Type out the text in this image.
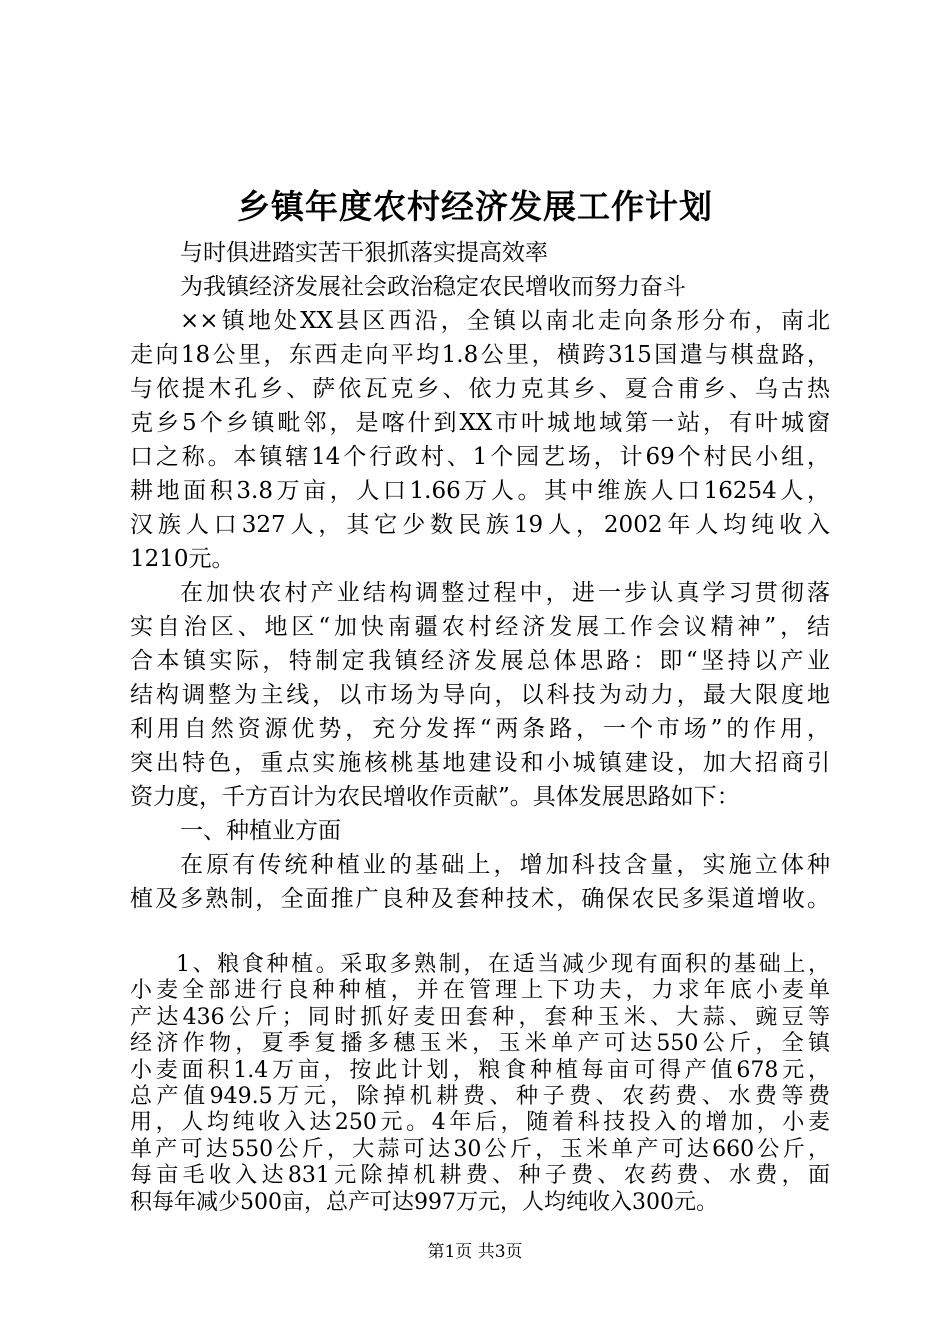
乡镇年度农村经济发展工作计划
与时俱进踏实苦干狠抓落实提高效率
为我镇经济发展社会政治稳定农民增收而努力奋斗
××镇地处XX县区西沿，全镇以南北走向条形分布，南北
走向18公里，东西走向平均1.8公里，横跨315国遣与棋盘路，
与依提木孔乡、萨依瓦克乡、依力克其乡、夏合甫乡、乌古热
克乡5个乡镇毗邻，是喀什到XX市叶城地域第一站，有叶城窗
口之称。本镇辖14个行政村、1个园艺场，计69个村民小组，
耕地面积3.8万亩，人口1.66万人。其中维族人口16254人，
汉族人口327人，其它少数民族19人，2002年人均纯收入
1210元。
在加快农村产业结构调整过程中，进一步认真学习贯彻落
实自治区、地区“加快南疆农村经济发展工作会议精神”，结
合本镇实际，特制定我镇经济发展总体思路：即“坚持以产业
结构调整为主线，以市场为导向，以科技为动力，最大限度地
利用自然资源优势，充分发挥“两条路，一个市场”的作用，
突出特色，重点实施核桃基地建设和小城镇建设，加大招商引
资力度，千方百计为农民增收作贡献”。具体发展思路如下：
一、种植业方面
在原有传统种植业的基础上，增加科技含量，实施立体种
植及多熟制，全面推广良种及套种技术，确保农民多渠道增收。
1、粮食种植。采取多熟制，在适当减少现有面积的基础上，
小麦全部进行良种种植，并在管理上下功夫，力求年底小麦单
产达436公斤；同时抓好麦田套种，套种玉米、大蒜、豌豆等
经济作物，夏季复播多穗玉米，玉米单产可达550公斤，全镇
小麦面积1.4万亩，按此计划，粮食种植每亩可得产值678元，
总产值949.5万元，除掉机耕费、种子费、农药费、水费等费
用，人均纯收入达250元。4年后，随着科技投入的增加，小麦
单产可达550公斤，大蒜可达30公斤，玉米单产可达660公斤，
第1页 共3页
每亩毛收入达831元除掉机耕费、种子费、农药费、水费，面
积每年减少500亩，总产可达997万元，人均纯收入300元。
